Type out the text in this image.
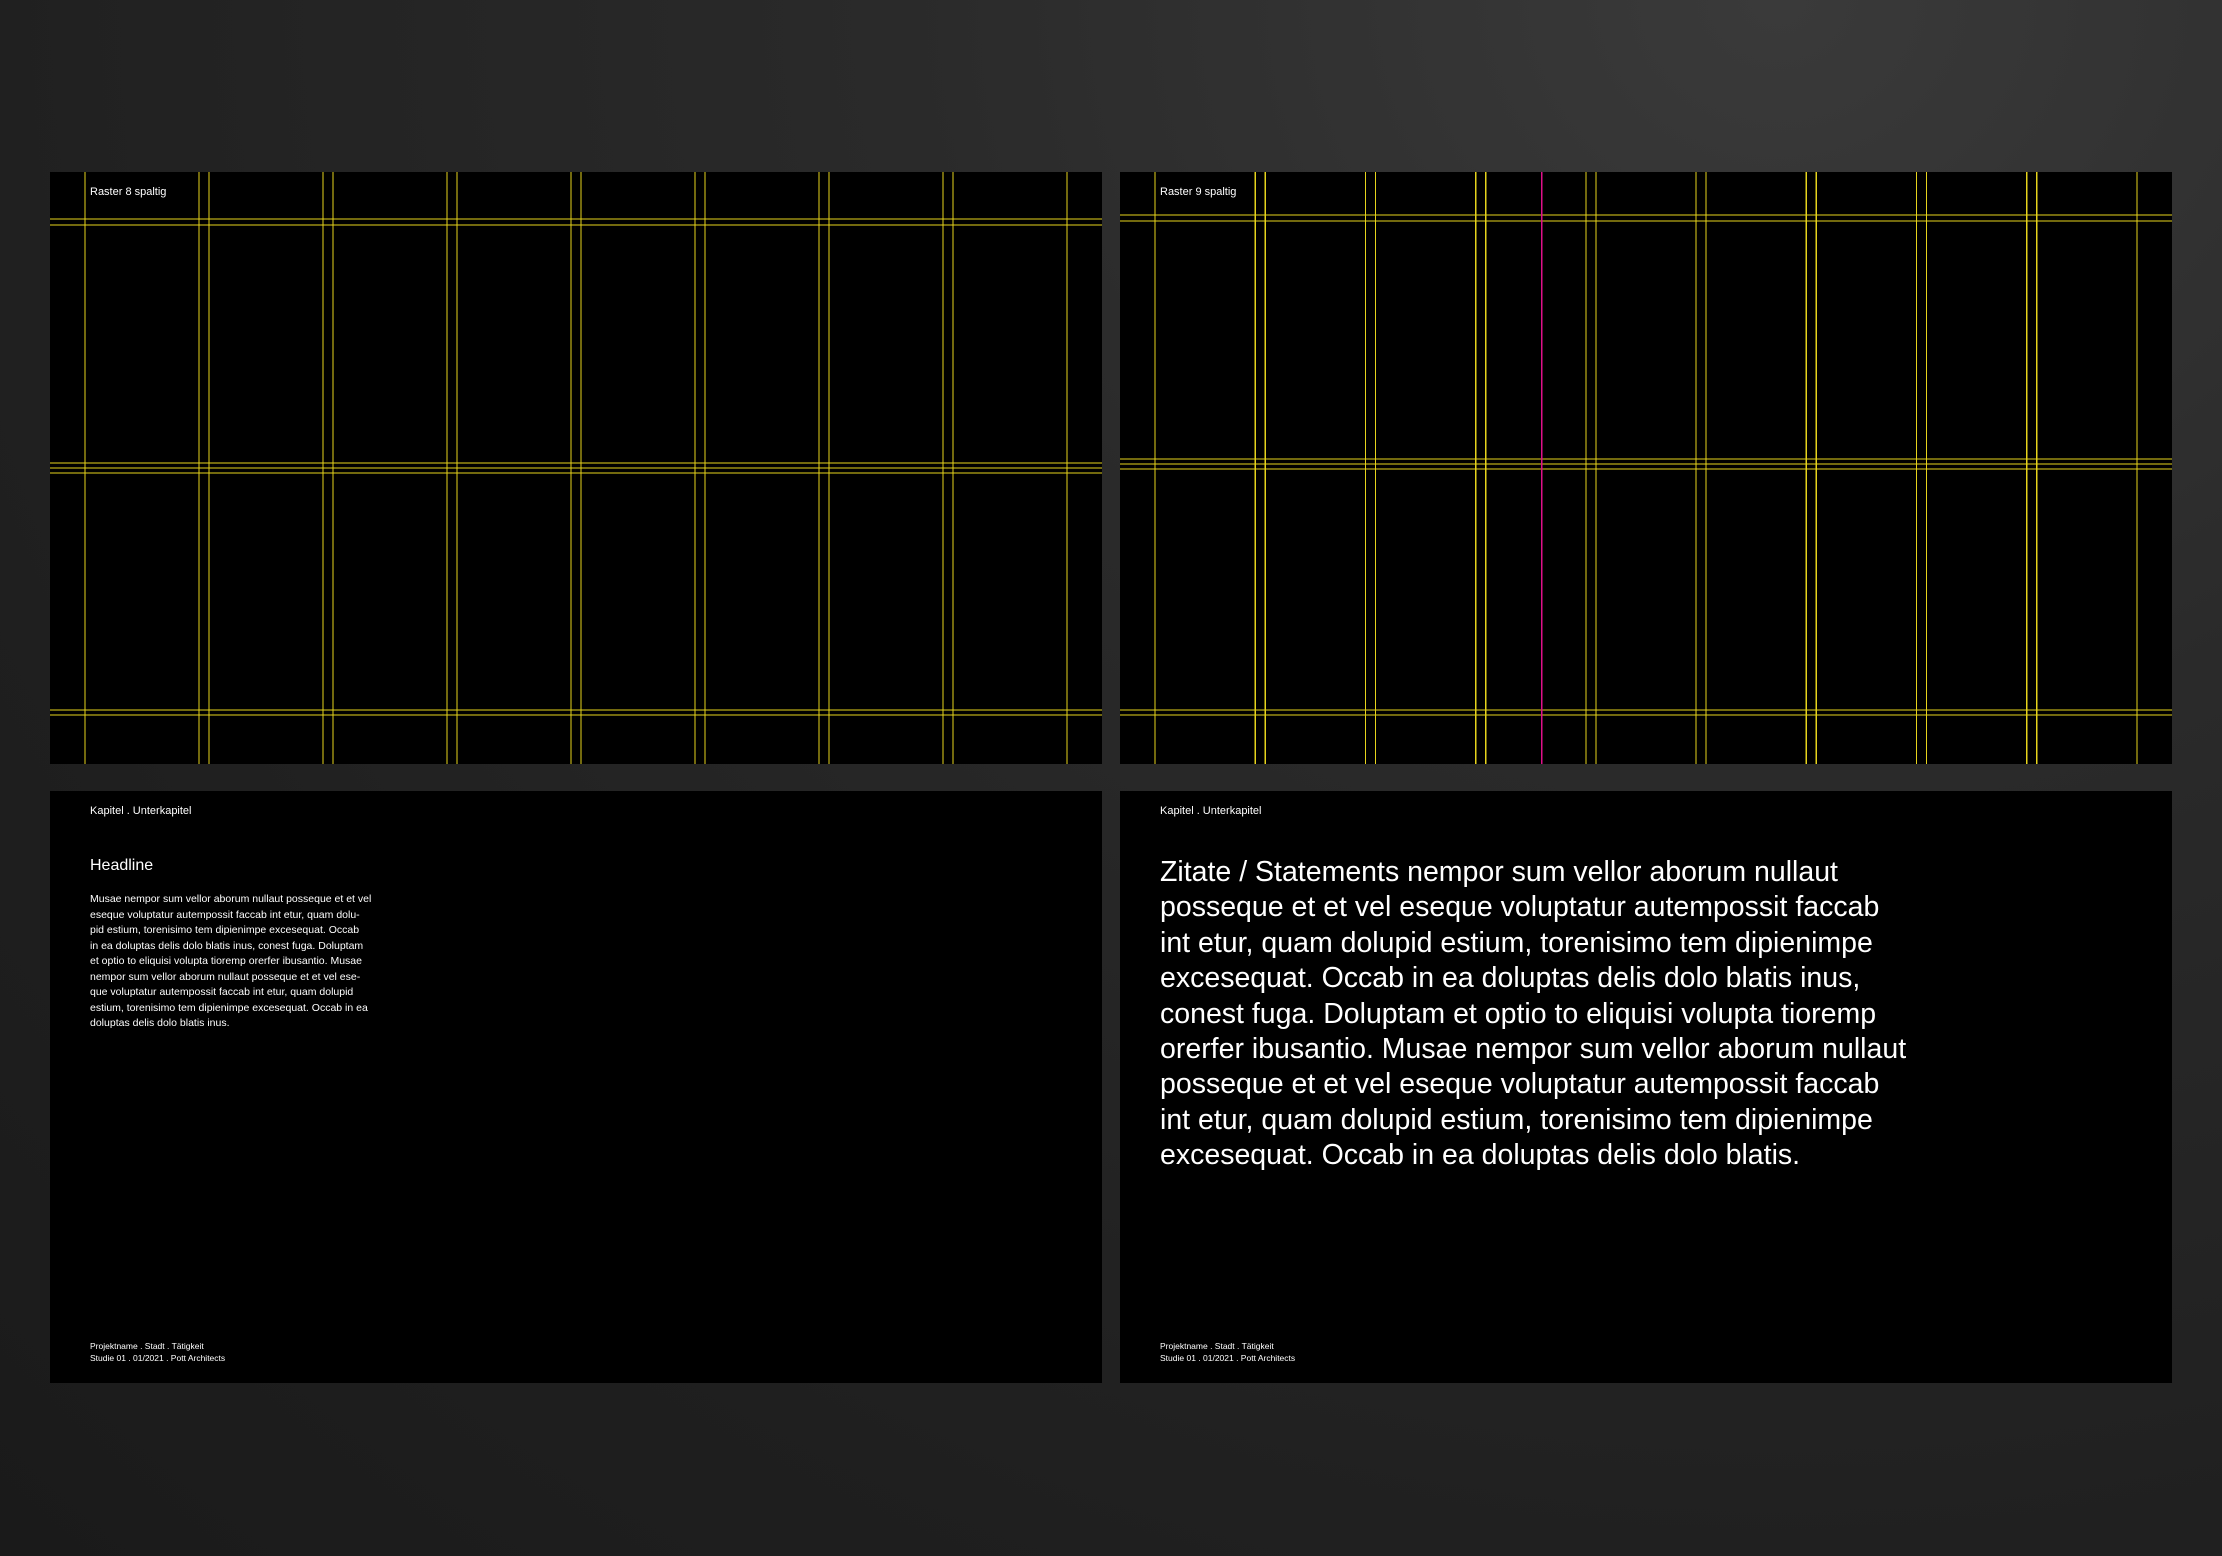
Raster 8 spaltig	Raster 9 spaltig
Kapitel . Unterkapitel
Headline

Musae nempor sum vellor aborum nullaut posseque et et vel
eseque voluptatur autempossit faccab int etur, quam dolu-
pid estium, torenisimo tem dipienimpe excesequat. Occab
in ea doluptas delis dolo blatis inus, conest fuga. Doluptam
et optio to eliquisi volupta tioremp orerfer ibusantio. Musae
nempor sum vellor aborum nullaut posseque et et vel ese-
que voluptatur autempossit faccab int etur, quam dolupid
estium, torenisimo tem dipienimpe excesequat. Occab in ea
doluptas delis dolo blatis inus.

Projektname . Stadt . Tätigkeit
Studie 01 . 01/2021 . Pott Architects
Kapitel . Unterkapitel

Zitate / Statements nempor sum vellor aborum nullaut
posseque et et vel eseque voluptatur autempossit faccab
int etur, quam dolupid estium, torenisimo tem dipienimpe
excesequat. Occab in ea doluptas delis dolo blatis inus,
conest fuga. Doluptam et optio to eliquisi volupta tioremp
orerfer ibusantio. Musae nempor sum vellor aborum nullaut
posseque et et vel eseque voluptatur autempossit faccab
int etur, quam dolupid estium, torenisimo tem dipienimpe
excesequat. Occab in ea doluptas delis dolo blatis.

Projektname . Stadt . Tätigkeit
Studie 01 . 01/2021 . Pott Architects
